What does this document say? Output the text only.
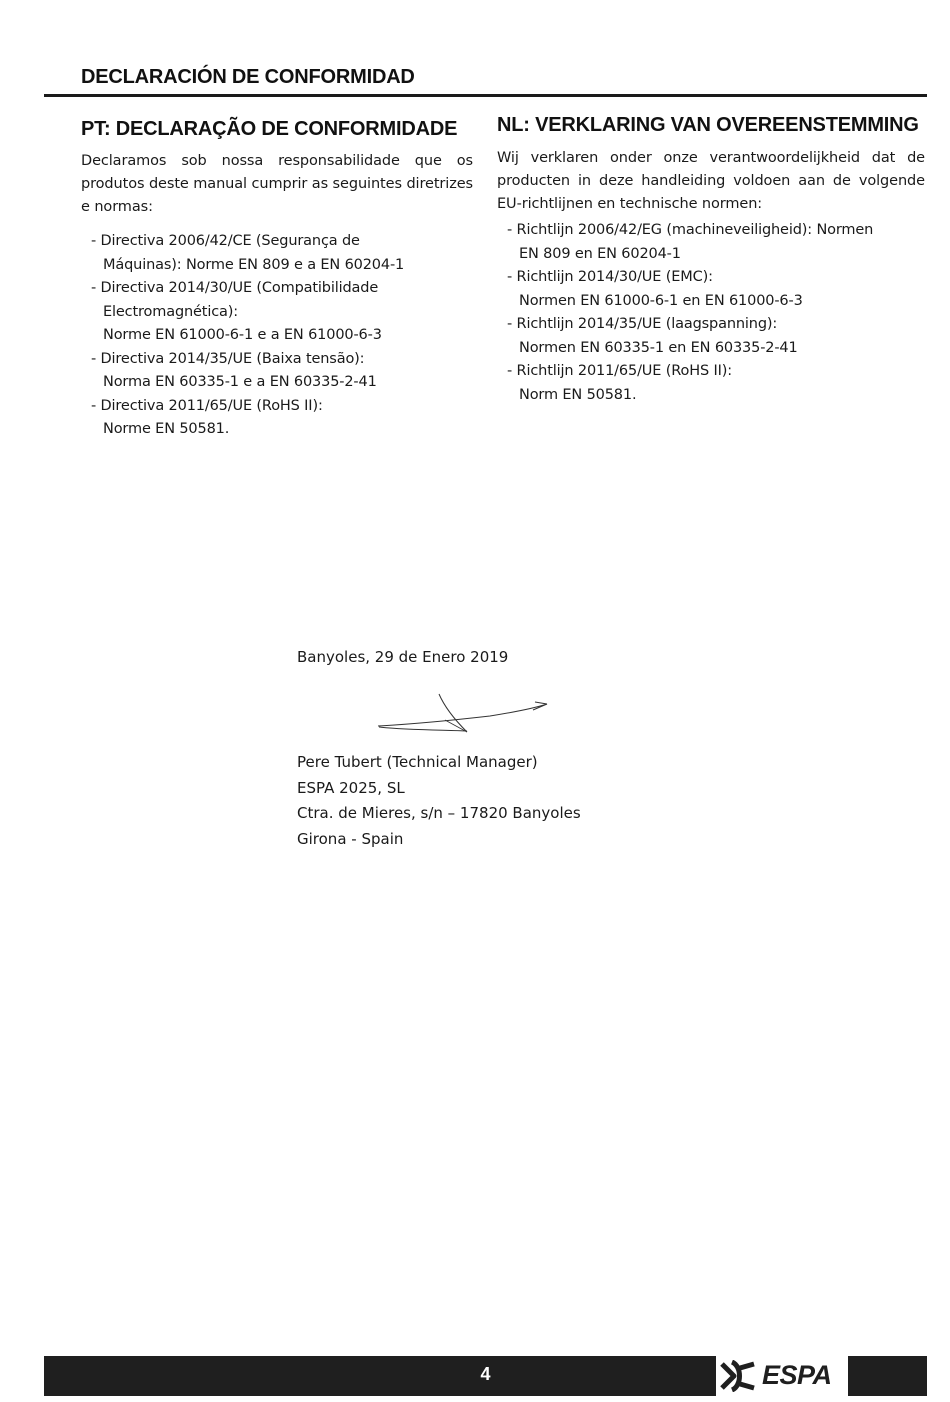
DECLARACIÓN DE CONFORMIDAD
PT: DECLARAÇÃO DE CONFORMIDADE

Declaramos sob nossa responsabilidade que os produtos deste manual cumprir as seguintes diretrizes e normas:

- Directiva 2006/42/CE (Segurança de
Máquinas): Norme EN 809 e a EN 60204-1
- Directiva 2014/30/UE (Compatibilidade
Electromagnética):
Norme EN 61000-6-1 e a EN 61000-6-3
- Directiva 2014/35/UE (Baixa tensão):
Norma EN 60335-1 e a EN 60335-2-41
- Directiva 2011/65/UE (RoHS II):
Norme EN 50581.
NL: VERKLARING VAN OVEREENSTEMMING

Wij verklaren onder onze verantwoordelijkheid dat de producten in deze handleiding voldoen aan de volgende EU-richtlijnen en technische normen:

- Richtlijn 2006/42/EG (machineveiligheid): Normen
EN 809 en EN 60204-1
- Richtlijn 2014/30/UE (EMC):
Normen EN 61000-6-1 en EN 61000-6-3
- Richtlijn 2014/35/UE (laagspanning):
Normen EN 60335-1 en EN 60335-2-41
- Richtlijn 2011/65/UE (RoHS II):
Norm EN 50581.
Banyoles, 29 de Enero 2019
Pere Tubert (Technical Manager)
ESPA 2025, SL
Ctra. de Mieres, s/n – 17820 Banyoles
Girona - Spain
4	ESPA
